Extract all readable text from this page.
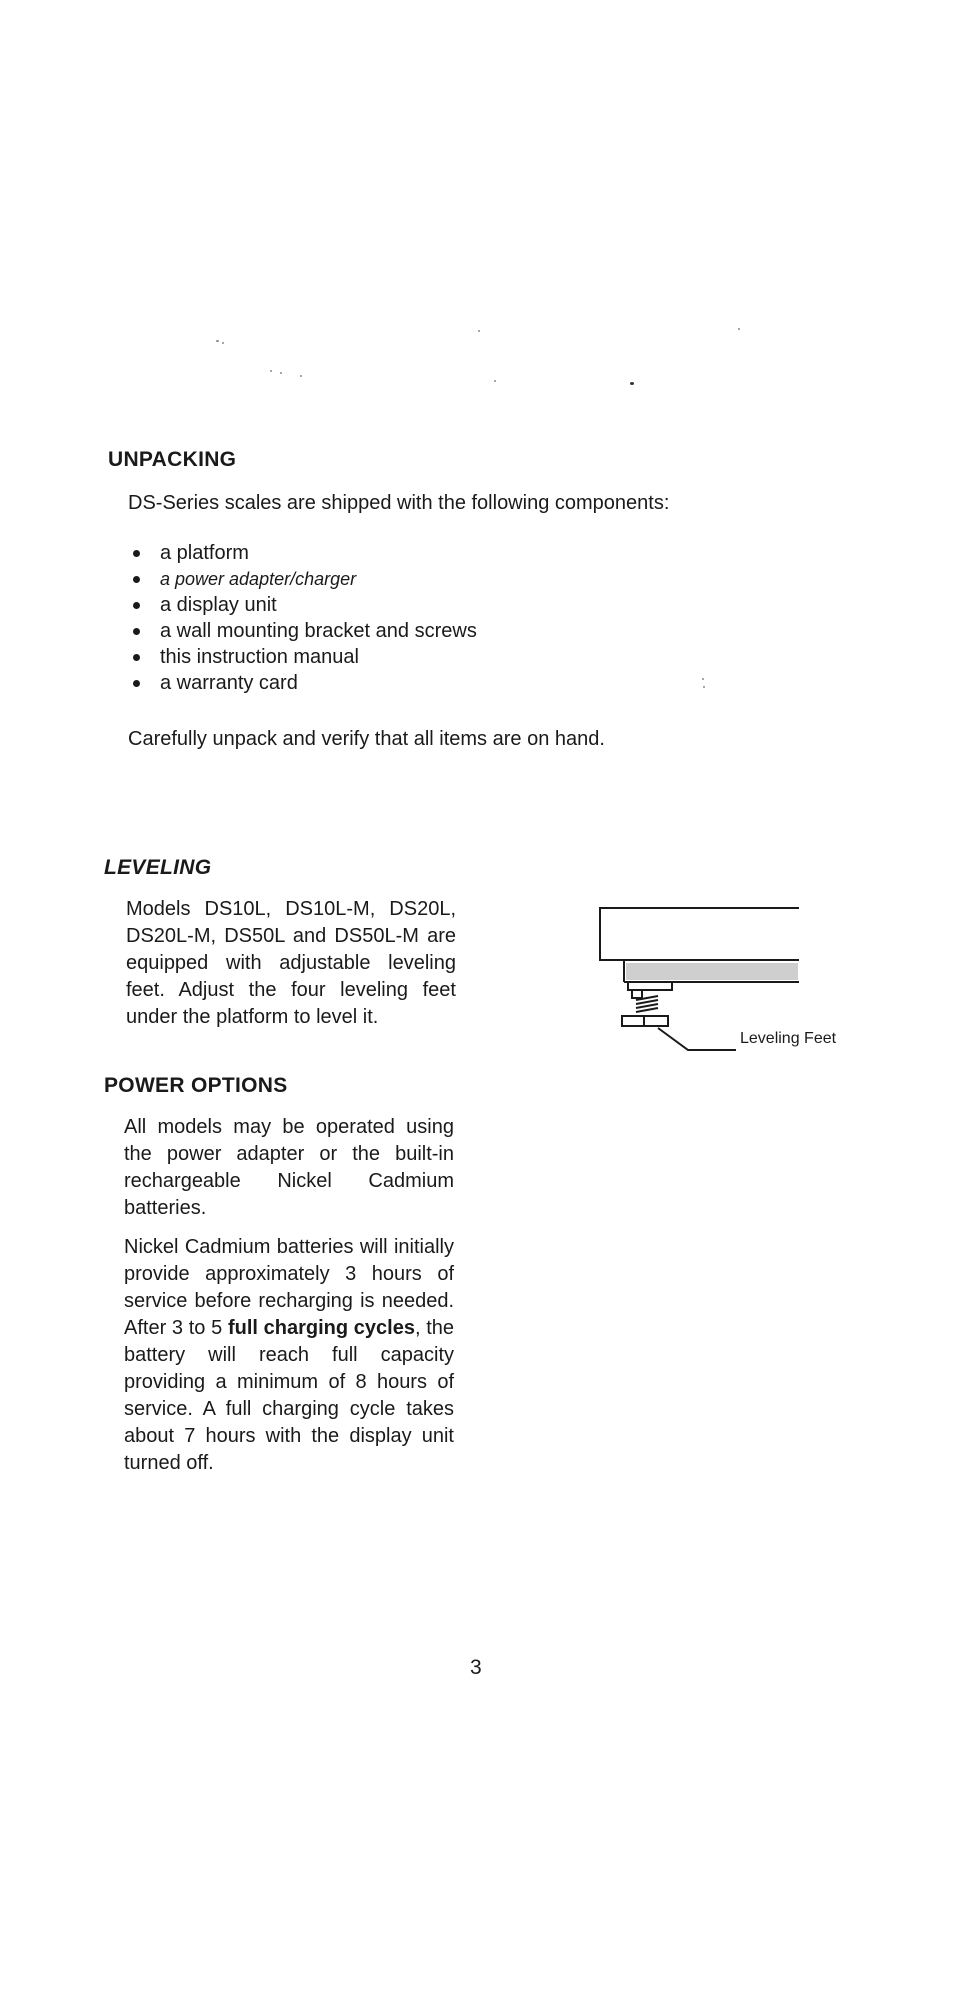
UNPACKING

DS-Series scales are shipped with the following components:

a platform
a power adapter/charger
a display unit
a wall mounting bracket and screws
this instruction manual
a warranty card

Carefully unpack and verify that all items are on hand.

LEVELING

Models DS10L, DS10L-M, DS20L, DS20L-M, DS50L and DS50L-M are equipped with adjustable leveling feet. Adjust the four leveling feet under the platform to level it.

Leveling Feet

POWER OPTIONS

All models may be operated using the power adapter or the built-in rechargeable Nickel Cadmium batteries.

Nickel Cadmium batteries will initially provide approximately 3 hours of service before recharging is needed. After 3 to 5 full charging cycles, the battery will reach full capacity providing a minimum of 8 hours of service. A full charging cycle takes about 7 hours with the display unit turned off.

3
